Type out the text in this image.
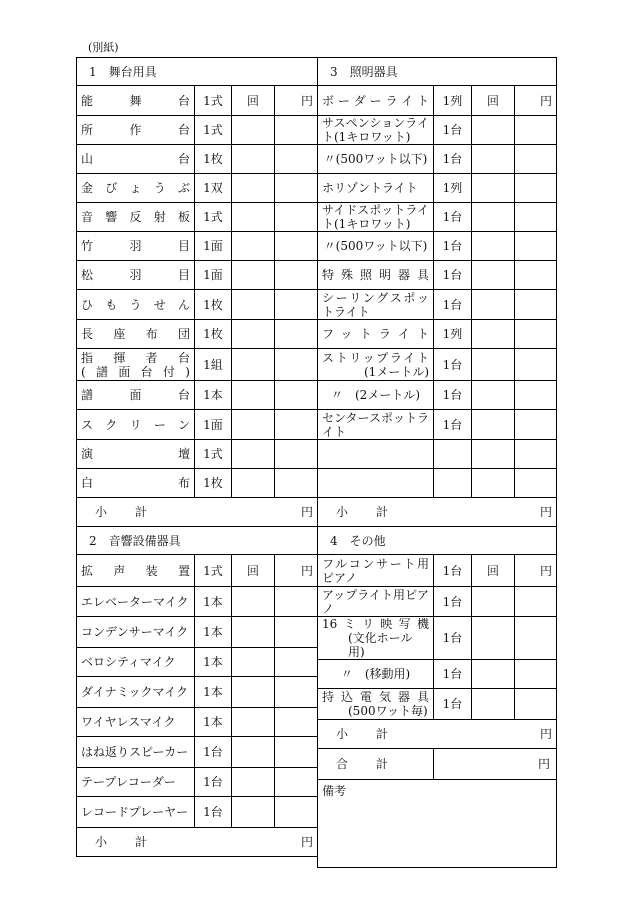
(別紙)
1　舞台用具			
能舞台	1式	回	円
所作台	1式		
山台	1枚		
金びょうぶ	1双		
音響反射板	1式		
竹羽目	1面		
松羽目	1面		
ひもうせん	1枚		
長座布団	1枚		

指揮者台
(譜面台付)	1組		
譜面台	1本		
スクリーン	1面		
演壇	1式		
白布	1枚		
小計 円			

2　音響設備器具			
拡声装置	1式	回	円
エレベーターマイク	1本		
コンデンサーマイク	1本		
ベロシティマイク	1本		
ダイナミックマイク	1本		
ワイヤレスマイク	1本		
はね返りスピーカー	1台		
テープレコーダー	1台		
レコードプレーヤー	1台		
小計 円			
3　照明器具			
ボーダーライト	1列	回	円
サスペンションライト(1キロワット)	1台		
〃(500ワット以下)	1台		
ホリゾントライト	1列		
サイドスポットライト(1キロワット)	1台		
〃(500ワット以下)	1台		
特殊照明器具	1台		
シーリングスポットライト	1台		
フットライト	1列		

ストリップライト
(1メートル)	1台		
〃　(2メートル)	1台		
センタースポットライト	1台		

小計 円			

4　その他			
フルコンサート用ピアノ	1台	回	円
アップライト用ピアノ	1台		

16ミリ映写機
(文化ホール用)	1台		
〃　(移動用)	1台		

持込電気器具
(500ワット毎)	1台		
小計 円			

合計	円		
備考			
